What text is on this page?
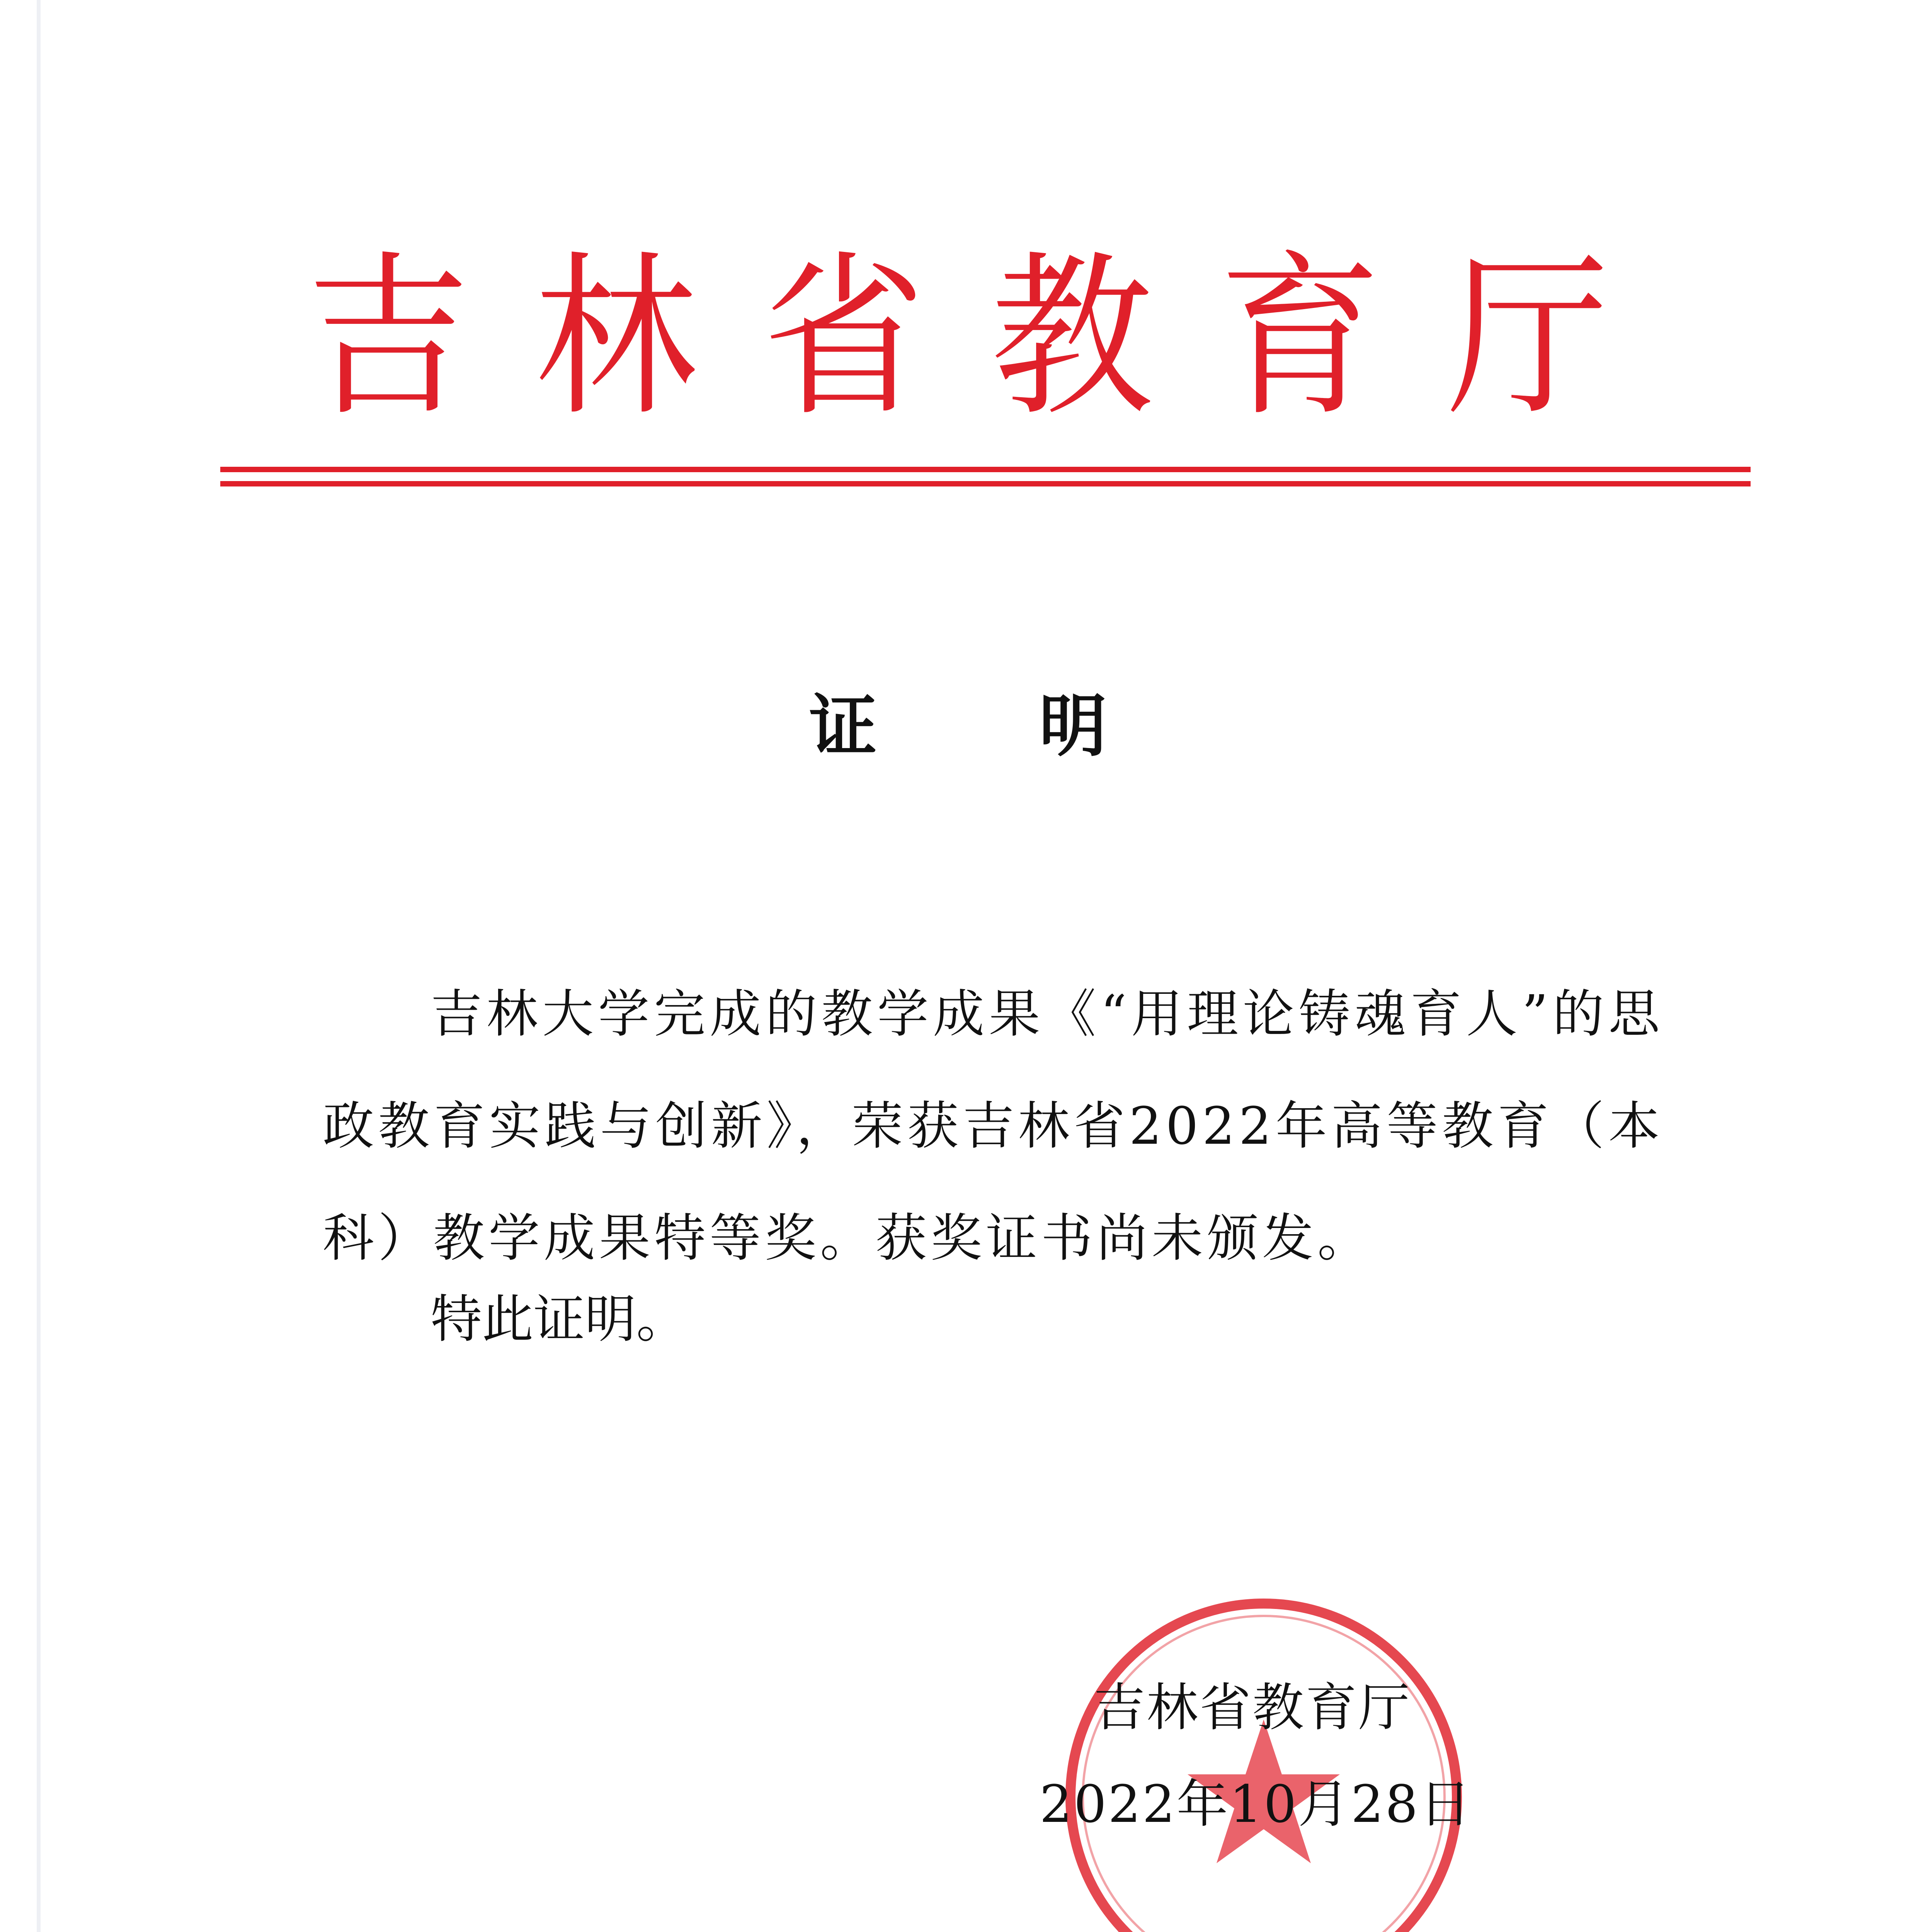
吉林省教育厅
证明

吉林大学完成的教学成果《“用理论铸魂育人”的思政教育实践与创新》，荣获吉林省2022年高等教育（本科）教学成果特等奖。获奖证书尚未颁发。

特此证明。
吉林省教育厅
2022年10月28日
